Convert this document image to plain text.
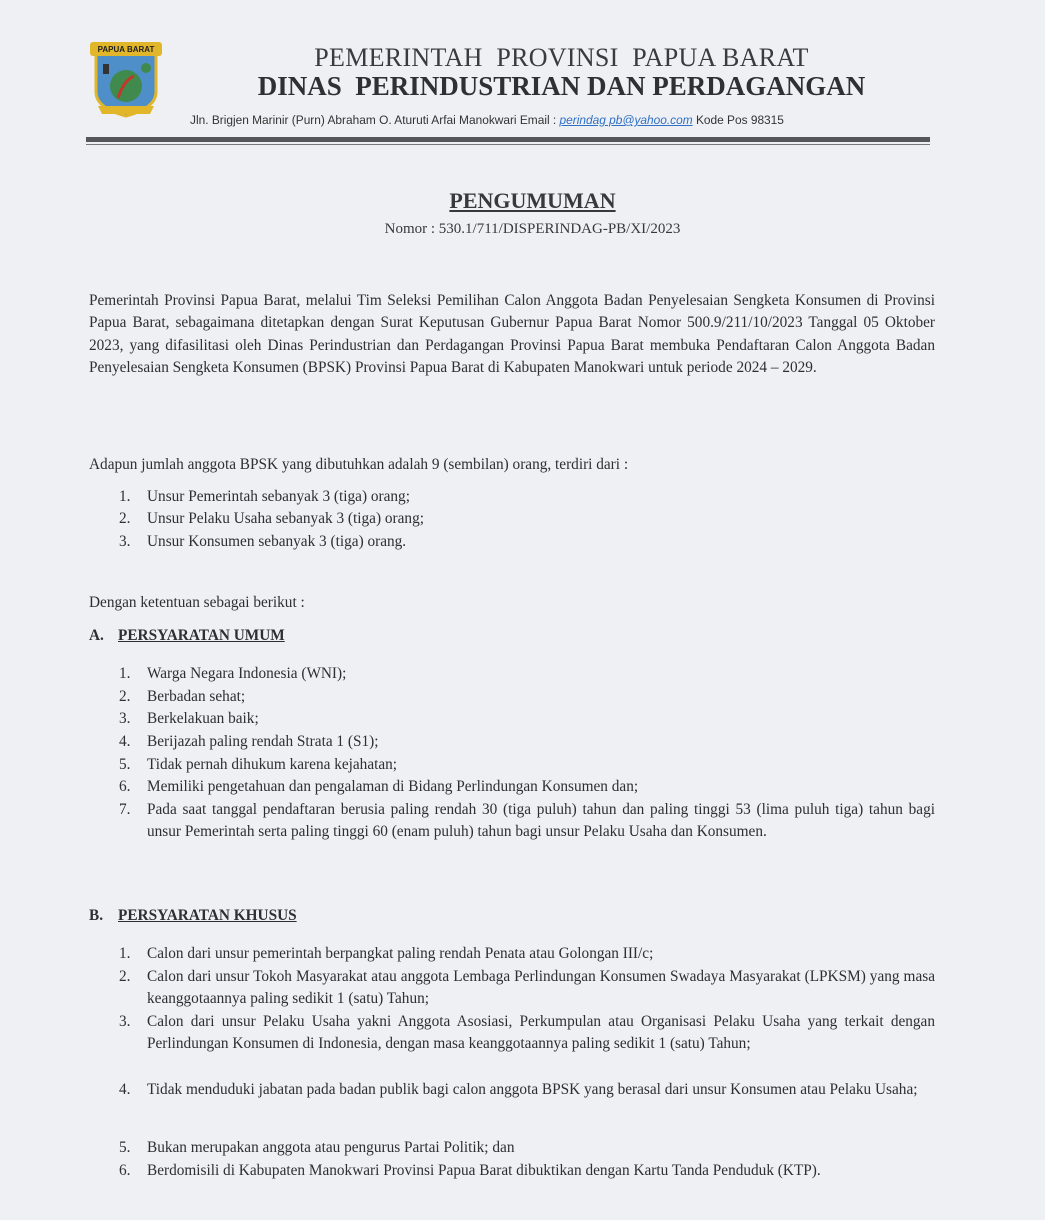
PAPUA BARAT	PEMERINTAH  PROVINSI  PAPUA BARAT
DINAS  PERINDUSTRIAN DAN PERDAGANGAN
Jln. Brigjen Marinir (Purn) Abraham O. Aturuti Arfai Manokwari Email : perindag pb@yahoo.com Kode Pos 98315
PENGUMUMAN
Nomor : 530.1/711/DISPERINDAG-PB/XI/2023
Pemerintah Provinsi Papua Barat, melalui Tim Seleksi Pemilihan Calon Anggota Badan Penyelesaian Sengketa Konsumen di Provinsi Papua Barat, sebagaimana ditetapkan dengan Surat Keputusan Gubernur Papua Barat Nomor 500.9/211/10/2023 Tanggal 05 Oktober 2023, yang difasilitasi oleh Dinas Perindustrian dan Perdagangan Provinsi Papua Barat membuka Pendaftaran Calon Anggota Badan Penyelesaian Sengketa Konsumen (BPSK) Provinsi Papua Barat di Kabupaten Manokwari untuk periode 2024 – 2029.
Adapun jumlah anggota BPSK yang dibutuhkan adalah 9 (sembilan) orang, terdiri dari :
1. Unsur Pemerintah sebanyak 3 (tiga) orang;
2. Unsur Pelaku Usaha sebanyak 3 (tiga) orang;
3. Unsur Konsumen sebanyak 3 (tiga) orang.
Dengan ketentuan sebagai berikut :
A. PERSYARATAN UMUM
1. Warga Negara Indonesia (WNI);
2. Berbadan sehat;
3. Berkelakuan baik;
4. Berijazah paling rendah Strata 1 (S1);
5. Tidak pernah dihukum karena kejahatan;
6. Memiliki pengetahuan dan pengalaman di Bidang Perlindungan Konsumen dan;
7. Pada saat tanggal pendaftaran berusia paling rendah 30 (tiga puluh) tahun dan paling tinggi 53 (lima puluh tiga) tahun bagi unsur Pemerintah serta paling tinggi 60 (enam puluh) tahun bagi unsur Pelaku Usaha dan Konsumen.
B. PERSYARATAN KHUSUS
1. Calon dari unsur pemerintah berpangkat paling rendah Penata atau Golongan III/c;
2. Calon dari unsur Tokoh Masyarakat atau anggota Lembaga Perlindungan Konsumen Swadaya Masyarakat (LPKSM) yang masa keanggotaannya paling sedikit 1 (satu) Tahun;
3. Calon dari unsur Pelaku Usaha yakni Anggota Asosiasi, Perkumpulan atau Organisasi Pelaku Usaha yang terkait dengan Perlindungan Konsumen di Indonesia, dengan masa keanggotaannya paling sedikit 1 (satu) Tahun;
4. Tidak menduduki jabatan pada badan publik bagi calon anggota BPSK yang berasal dari unsur Konsumen atau Pelaku Usaha;
5. Bukan merupakan anggota atau pengurus Partai Politik; dan
6. Berdomisili di Kabupaten Manokwari Provinsi Papua Barat dibuktikan dengan Kartu Tanda Penduduk (KTP).
